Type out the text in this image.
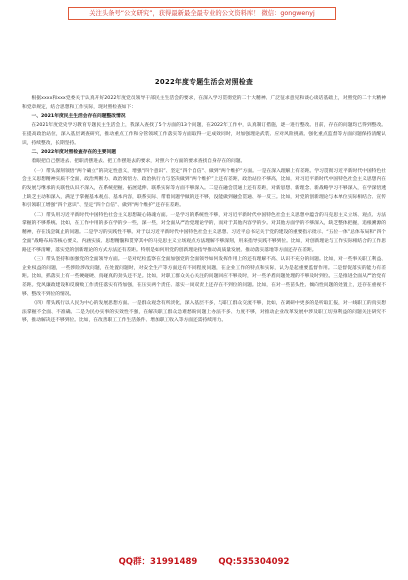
关注头条号“公文研究”，获得最新最全最专业的公文资料库！ 微信：gongwenyj
2022年度专题生活会对照检查

根据xxxx和xxx党委关于认真开好2022年度党员领导干部民主生活会的要求，在深入学习贯彻党的二十大精神、广泛征求意见和谈心谈话基础上，对照党的二十大精神和党章规定，结合思想和工作实际，现对照检查如下：

一、2021年度民主生活会存在问题整改情况

在2021年度党史学习教育专题民主生活会上，我深入查找了5个方面的13个问题，在2022年工作中，认真制订措施，逐一进行整改。目前，存在的问题均已得到整改。在提高政治站位，深入基层调查研究，推动重点工作和分管领域工作落实等方面取得一定成效同时，对加强理论武装、应对风险挑战、强化重点监督等方面问题保持清醒认识，持续整改，长期坚持。

二、2022年度对照检查存在的主要问题

着眼把自己摆进去、把职责摆进去、把工作摆进去的要求，对照六个方面的要求查找自身存在的问题。

（一）带头深刻领悟“两个确立”的决定性意义，增强“四个意识”、坚定“四个自信”、做到“两个维护”方面。一是在深入理解上有差距。学习贯彻习近平新时代中国特色社会主义思想精神实质不全面，政治判断力、政治领悟力、政治执行力与坚决做到“两个维护”上还有差距，政治站位不够高，比如，对习近平新时代中国特色社会主义思想内在的发展与继承的关联性认识不深入，在系统把握、拓展延伸、联系实际等方面不够深入。二是在融会贯通上还有差距，对新思想、新理念、新战略学习不够深入，在学深悟透上缺乏主动和深入，满足于掌握基本观点、基本内容，联系实际、带着问题学做的还不够，没能做到融会贯通、举一反三。比如，对党的创新理论与本单位实际相结合、宣传和引领职工增强“四个意识”、坚定“四个自信”、做到“两个维护”还存在差距。

（二）带头用习近平新时代中国特色社会主义思想凝心铸魂方面。一是学习的系统性不够，对习近平新时代中国特色社会主义思想中蕴含的马克思主义立场、观点、方法掌握的不够系统。比如，在工作中用的多在学的少一些，深一些，对全面从严治党理论学的，而对于其他内容学的少。对其他方面学的不够深入，缺乏整体把握，追根溯源的精神，存在浅尝辄止的问题。二是学习的实践性不够。对于以习近平新时代中国特色社会主义思想、习近平总书记关于党的建设的重要指示批示、“五位一体”总体布局和“四个全面”战略布局等核心要义、内涵实质、思想精髓和贯穿其中的马克思主义立场观点方法理解不够深刻，用来指导实践不够到位。比如，对创新理论与工作实际相结合的工作思路还不够清晰，落实党的创新理论的方式方法还有差距。特别是如何用党的创新理论指导推动高质量发展、推动落实落地等方面还存在差距。

（三）带头坚持和加强党的全面领导方面。一是对纪检监察在全面加强党的全面领导如何发挥作用上的还有理解不高、认识不充分的问题。比如，对一些事关职工利益、企业权益的问题，一些涉险涉改问题，在处置问题时，对安全生产等方面还有不同程度问题，在企业工作的特点和实际，认为是起重要监督作用。二是督促落实的能力有差距。比如，抓落实上有一些硬碰硬、真碰真的劲头还不足。比如，对职工群众关心关注的问题回应不够及时，对一些矛盾问题处理的不够及时到位。三是推进全面从严治党有差距。党风廉政建设和反腐败工作责任落实有待加强，在压实两个责任、落实一岗双责上还存在不到位的问题。比如，在对一些苗头性、倾向性问题的处置上，还存在重视不够、整改不到位的情况。

（四）带头践行以人民为中心的发展思想方面。一是群众观念有所淡化，深入基层不多，与职工群众交流不够，比如，在调研中更多的是听取汇报，对一线职工的真实想法掌握不全面、不准确。二是为民办实事的实效性不强，在解决职工群众急难愁盼问题上办法不多、力度不够，对推动企业改革发展中涉及职工切身利益的问题关注研究不够，推动解决还不够到位。比如，在改善职工工作生活条件、增加职工收入等方面还需持续用力。

QQ群：31991489 QQ:535304092
